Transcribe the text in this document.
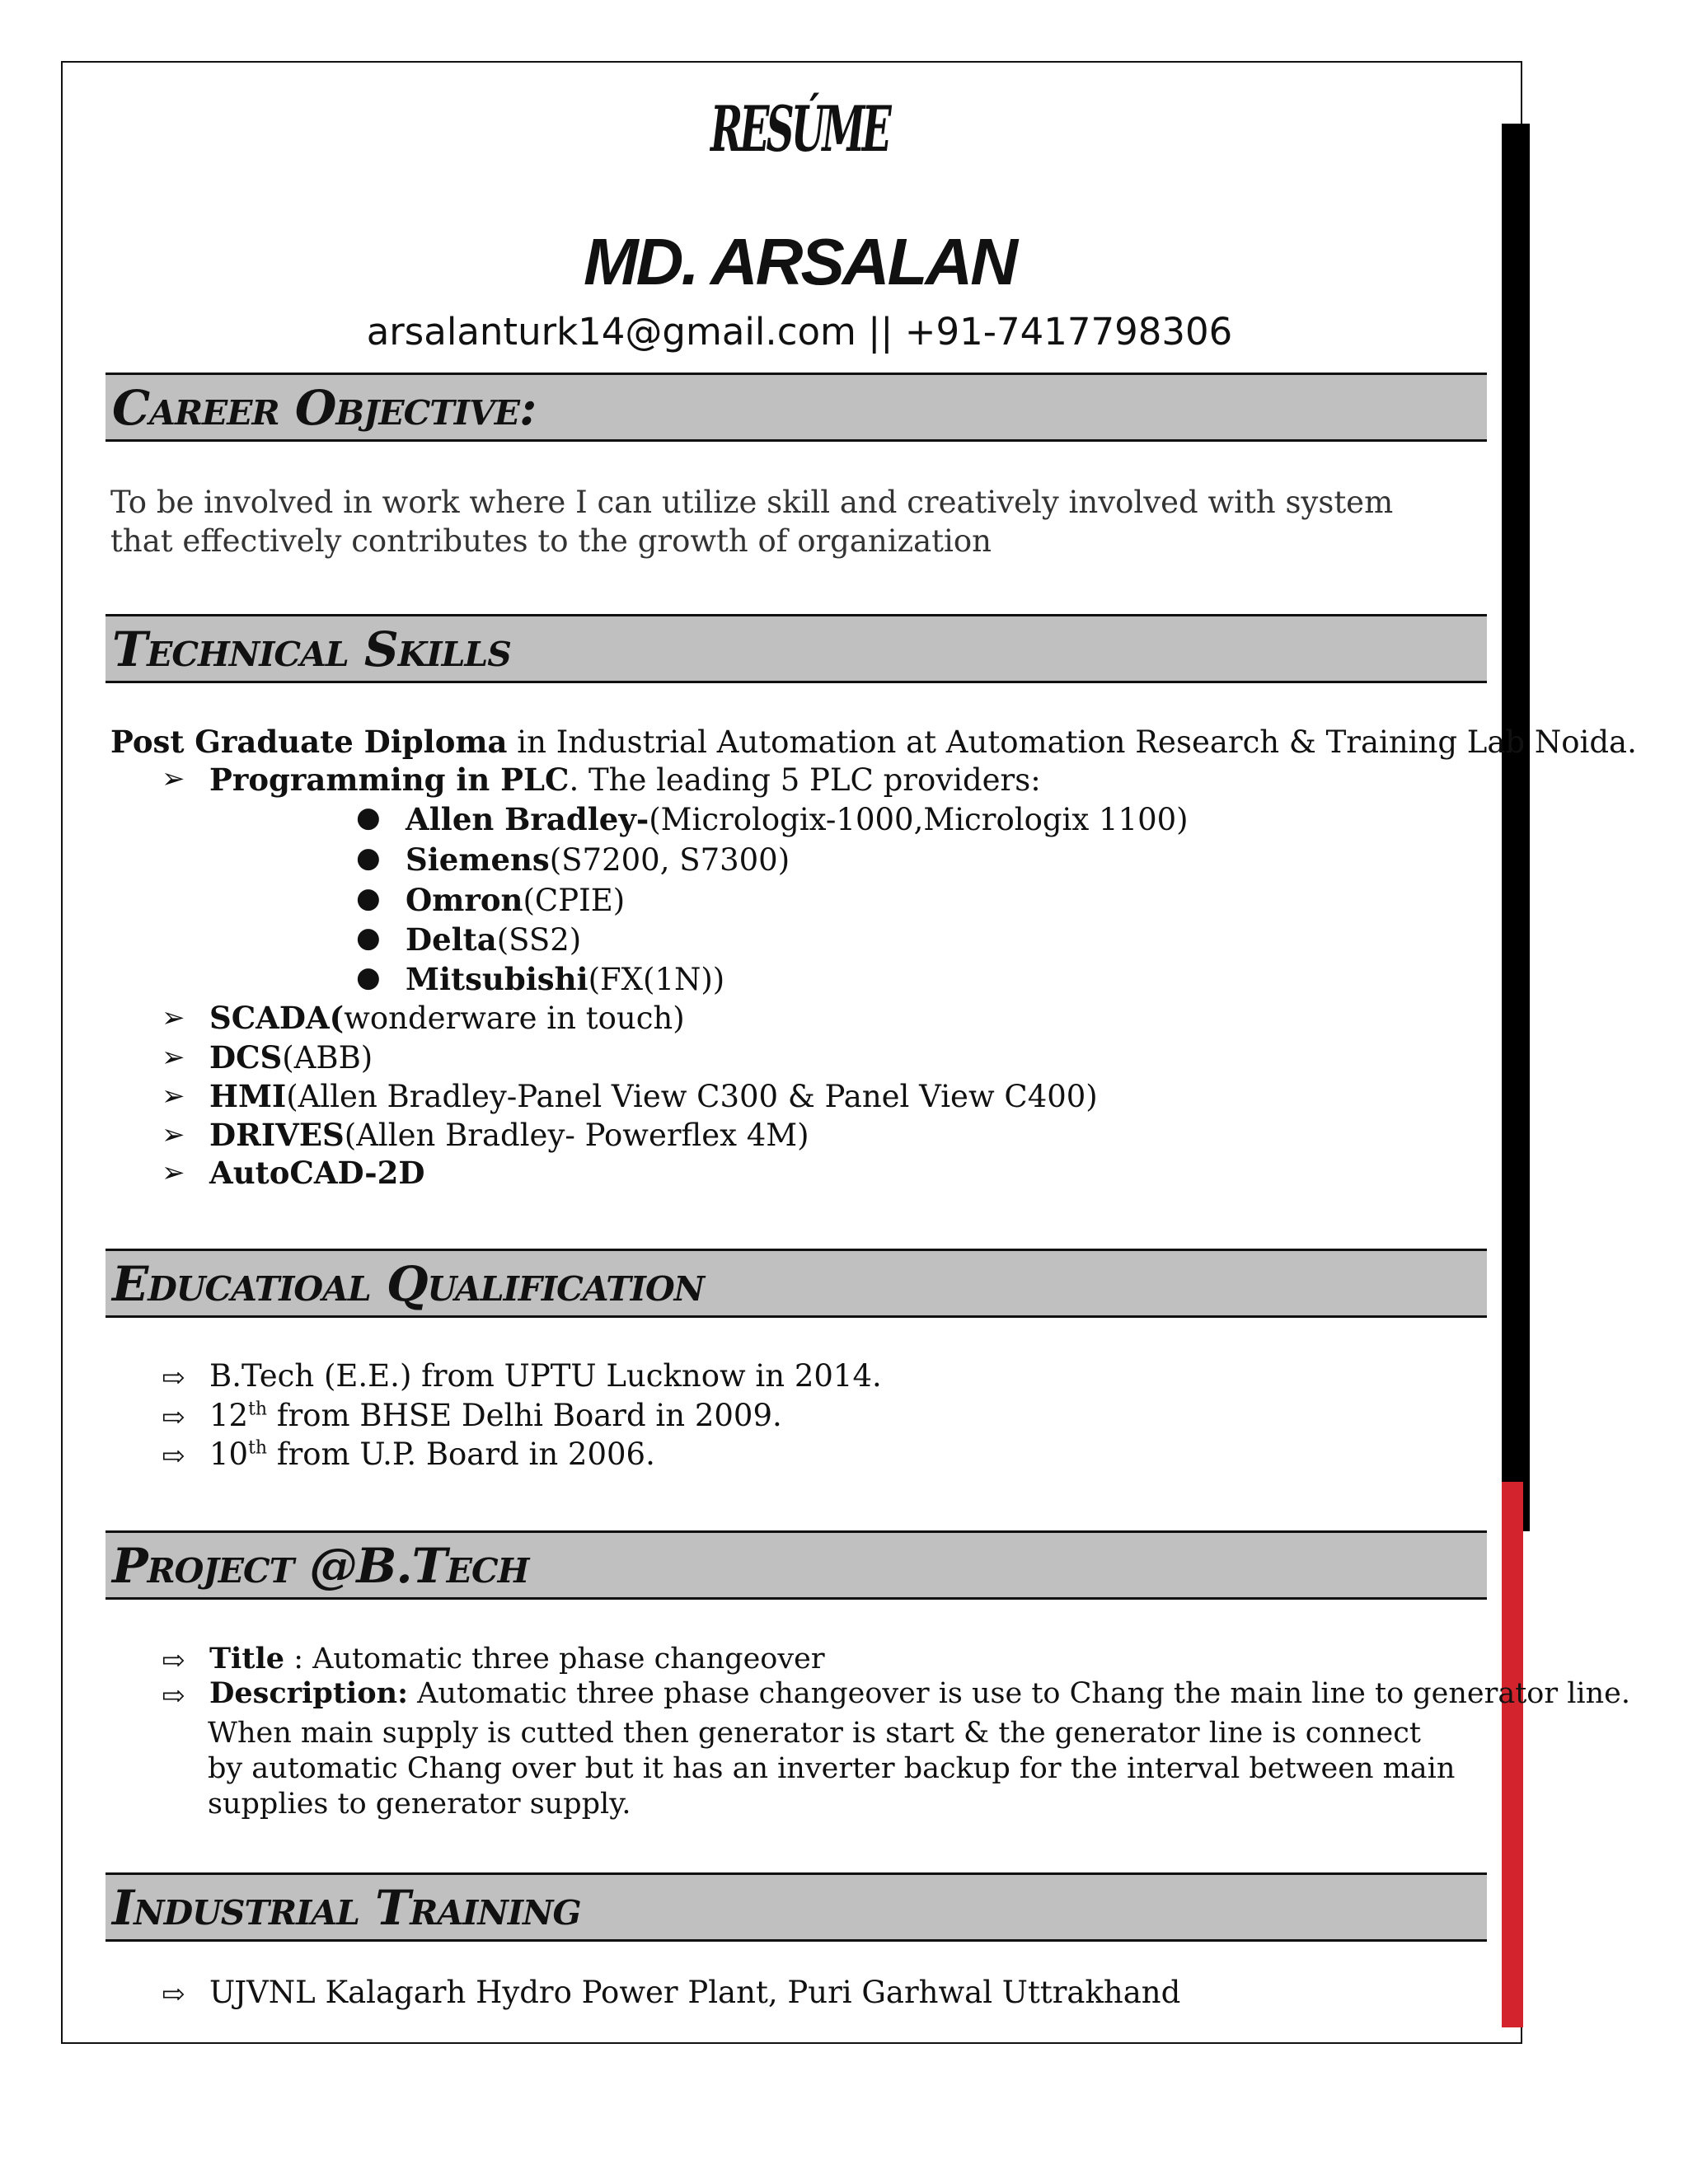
RESÚME
MD. ARSALAN
arsalanturk14@gmail.com || +91-7417798306
Career Objective:
To be involved in work where I can utilize skill and creatively involved with system that effectively contributes to the growth of organization
Technical Skills
Post Graduate Diploma in Industrial Automation at Automation Research & Training Lab Noida.
➢ Programming in PLC. The leading 5 PLC providers:
● Allen Bradley-(Micrologix-1000,Micrologix 1100)
● Siemens(S7200, S7300)
● Omron(CPIE)
● Delta(SS2)
● Mitsubishi(FX(1N))
➢ SCADA(wonderware in touch)
➢ DCS(ABB)
➢ HMI(Allen Bradley-Panel View C300 & Panel View C400)
➢ DRIVES(Allen Bradley- Powerflex 4M)
➢ AutoCAD-2D
Educatioal Qualification
⇨ B.Tech (E.E.) from UPTU Lucknow in 2014.
⇨ 12th from BHSE Delhi Board in 2009.
⇨ 10th from U.P. Board in 2006.
Project @B.Tech
⇨ Title : Automatic three phase changeover
⇨ Description: Automatic three phase changeover is use to Chang the main line to generator line.
When main supply is cutted then generator is start & the generator line is connect by automatic Chang over but it has an inverter backup for the interval between main supplies to generator supply.
Industrial Training
⇨ UJVNL Kalagarh Hydro Power Plant, Puri Garhwal Uttrakhand
